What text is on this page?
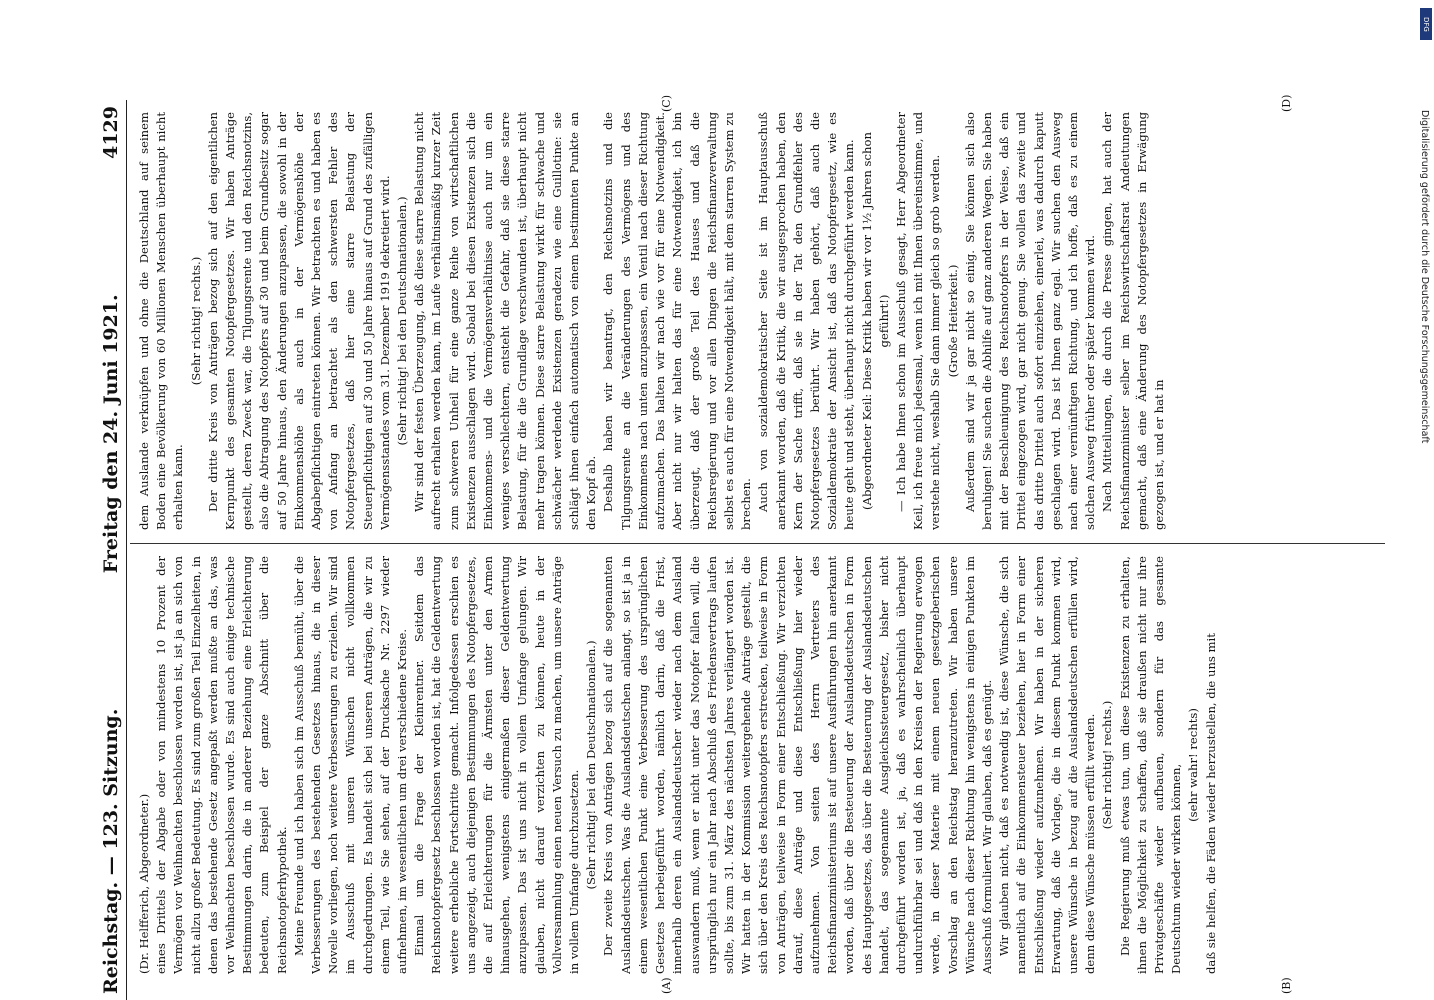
Reichstag. — 123. Sitzung.
Freitag den 24. Juni 1921.
4129
(A)	(B)
(C)	(D)

(Dr. Helfferich, Abgeordneter.) eines Drittels der Abgabe oder von mindestens 10 Prozent der Vermögen vor Weihnachten beschlossen worden ist, ist ja an sich von nicht allzu großer Bedeutung. Es sind zum großen Teil Einzelheiten, in denen das bestehende Gesetz angepaßt werden mußte an das, was vor Weihnachten beschlossen wurde. Es sind auch einige technische Bestimmungen darin, die in anderer Beziehung eine Erleichterung bedeuten, zum Beispiel der ganze Abschnitt über die Reichsnotopferhypothek. Meine Freunde und ich haben sich im Ausschuß bemüht, über die Verbesserungen des bestehenden Gesetzes hinaus, die in dieser Novelle vorliegen, noch weitere Verbesserungen zu erzielen. Wir sind im Ausschuß mit unseren Wünschen nicht vollkommen durchgedrungen. Es handelt sich bei unseren Anträgen, die wir zu einem Teil, wie Sie sehen, auf der Drucksache Nr. 2297 wieder aufnehmen, im wesentlichen um drei verschiedene Kreise. Einmal um die Frage der Kleinrentner. Seitdem das Reichsnotopfergesetz beschlossen worden ist, hat die Geldentwertung weitere erhebliche Fortschritte gemacht. Infolgedessen erschien es uns angezeigt, auch diejenigen Bestimmungen des Notopfergesetzes, die auf Erleichterungen für die Ärmsten unter den Armen hinausgehen, wenigstens einigermaßen dieser Geldentwertung anzupassen. Das ist uns nicht in vollem Umfange gelungen. Wir glauben, nicht darauf verzichten zu können, heute in der Vollversammlung einen neuen Versuch zu machen, um unsere Anträge in vollem Umfange durchzusetzen. (Sehr richtig! bei den Deutschnationalen.) Der zweite Kreis von Anträgen bezog sich auf die sogenannten Auslandsdeutschen. Was die Auslandsdeutschen anlangt, so ist ja in einem wesentlichen Punkt eine Verbesserung des ursprünglichen Gesetzes herbeigeführt worden, nämlich darin, daß die Frist, innerhalb deren ein Auslandsdeutscher wieder nach dem Ausland auswandern muß, wenn er nicht unter das Notopfer fallen will, die ursprünglich nur ein Jahr nach Abschluß des Friedensvertrags laufen sollte, bis zum 31. März des nächsten Jahres verlängert worden ist. Wir hatten in der Kommission weitergehende Anträge gestellt, die sich über den Kreis des Reichsnotopfers erstrecken, teilweise in Form von Anträgen, teilweise in Form einer Entschließung. Wir verzichten darauf, diese Anträge und diese Entschließung hier wieder aufzunehmen. Von seiten des Herrn Vertreters des Reichsfinanzministeriums ist auf unsere Ausführungen hin anerkannt worden, daß über die Besteuerung der Auslandsdeutschen in Form des Hauptgesetzes, das über die Besteuerung der Auslandsdeutschen handelt, das sogenannte Ausgleichssteuergesetz, bisher nicht durchgeführt worden ist, ja, daß es wahrscheinlich überhaupt undurchführbar sei und daß in den Kreisen der Regierung erwogen werde, in dieser Materie mit einem neuen gesetzgeberischen Vorschlag an den Reichstag heranzutreten. Wir haben unsere Wünsche nach dieser Richtung hin wenigstens in einigen Punkten im Ausschuß formuliert. Wir glauben, daß es genügt. Wir glauben nicht, daß es notwendig ist, diese Wünsche, die sich namentlich auf die Einkommensteuer beziehen, hier in Form einer Entschließung wieder aufzunehmen. Wir haben in der sicheren Erwartung, daß die Vorlage, die in diesem Punkt kommen wird, unsere Wünsche in bezug auf die Auslandsdeutschen erfüllen wird, denn diese Wünsche müssen erfüllt werden. (Sehr richtig! rechts.) Die Regierung muß etwas tun, um diese Existenzen zu erhalten, ihnen die Möglichkeit zu schaffen, daß sie draußen nicht nur ihre Privatgeschäfte wieder aufbauen, sondern für das gesamte Deutschtum wieder wirken können, (sehr wahr! rechts) daß sie helfen, die Fäden wieder herzustellen, die uns mit

dem Auslande verknüpfen und ohne die Deutschland auf seinem Boden eine Bevölkerung von 60 Millionen Menschen überhaupt nicht erhalten kann.

(Sehr richtig! rechts.) Der dritte Kreis von Anträgen bezog sich auf den eigentlichen Kernpunkt des gesamten Notopfergesetzes. Wir haben Anträge gestellt, deren Zweck war, die Tilgungsrente und den Reichsnotzins, also die Abtragung des Notopfers auf 30 und beim Grundbesitz sogar auf 50 Jahre hinaus, den Änderungen anzupassen, die sowohl in der Einkommenshöhe als auch in der Vermögenshöhe der Abgabepflichtigen eintreten können. Wir betrachten es und haben es von Anfang an betrachtet als den schwersten Fehler des Notopfergesetzes, daß hier eine starre Belastung der Steuerpflichtigen auf 30 und 50 Jahre hinaus auf Grund des zufälligen Vermögensstandes vom 31. Dezember 1919 dekretiert wird. (Sehr richtig! bei den Deutschnationalen.) Wir sind der festen Überzeugung, daß diese starre Belastung nicht aufrecht erhalten werden kann, im Laufe verhältnismäßig kurzer Zeit zum schweren Unheil für eine ganze Reihe von wirtschaftlichen Existenzen ausschlagen wird. Sobald bei diesen Existenzen sich die Einkommens- und die Vermögensverhältnisse auch nur um ein weniges verschlechtern, entsteht die Gefahr, daß sie diese starre Belastung, für die die Grundlage verschwunden ist, überhaupt nicht mehr tragen können. Diese starre Belastung wirkt für schwache und schwächer werdende Existenzen geradezu wie eine Guillotine: sie schlägt ihnen einfach automatisch von einem bestimmten Punkte an den Kopf ab. Deshalb haben wir beantragt, den Reichsnotzins und die Tilgungsrente an die Veränderungen des Vermögens und des Einkommens nach unten anzupassen, ein Ventil nach dieser Richtung aufzumachen. Das halten wir nach wie vor für eine Notwendigkeit. Aber nicht nur wir halten das für eine Notwendigkeit, ich bin überzeugt, daß der große Teil des Hauses und daß die Reichsregierung und vor allen Dingen die Reichsfinanzverwaltung selbst es auch für eine Notwendigkeit hält, mit dem starren System zu brechen. Auch von sozialdemokratischer Seite ist im Hauptausschuß anerkannt worden, daß die Kritik, die wir ausgesprochen haben, den Kern der Sache trifft, daß sie in der Tat den Grundfehler des Notopfergesetzes berührt. Wir haben gehört, daß auch die Sozialdemokratie der Ansicht ist, daß das Notopfergesetz, wie es heute geht und steht, überhaupt nicht durchgeführt werden kann. (Abgeordneter Keil: Diese Kritik haben wir vor 1½ Jahren schon geführt!) — Ich habe Ihnen schon im Ausschuß gesagt, Herr Abgeordneter Keil, ich freue mich jedesmal, wenn ich mit Ihnen übereinstimme, und verstehe nicht, weshalb Sie dann immer gleich so grob werden. (Große Heiterkeit.) Außerdem sind wir ja gar nicht so einig. Sie können sich also beruhigen! Sie suchen die Abhilfe auf ganz anderen Wegen. Sie haben mit der Beschleunigung des Reichsnotopfers in der Weise, daß ein Drittel eingezogen wird, gar nicht genug. Sie wollen das zweite und das dritte Drittel auch sofort einziehen, einerlei, was dadurch kaputt geschlagen wird. Das ist Ihnen ganz egal. Wir suchen den Ausweg nach einer vernünftigen Richtung, und ich hoffe, daß es zu einem solchen Ausweg früher oder später kommen wird. Nach Mitteilungen, die durch die Presse gingen, hat auch der Reichsfinanzminister selber im Reichswirtschaftsrat Andeutungen gemacht, daß eine Änderung des Notopfergesetzes in Erwägung gezogen ist, und er hat in

DFG
Digitalisierung gefördert durch die Deutsche Forschungsgemeinschaft
